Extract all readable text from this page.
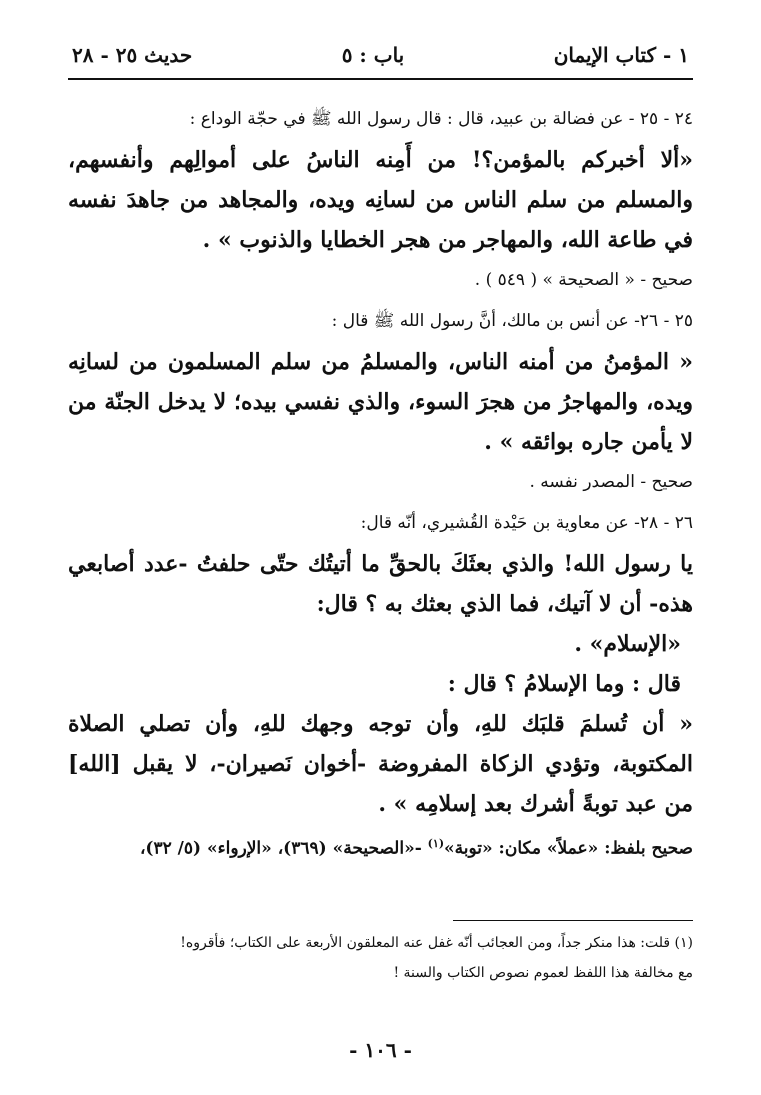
١ - كتاب الإيمان
باب : ٥
حديث ٢٥ - ٢٨

٢٤ - ٢٥ - عن فضالة بن عبيد، قال : قال رسول الله ﷺ في حجّة الوداع :

«ألا أخبركم بالمؤمن؟! من أَمِنه الناسُ على أموالِهم وأنفسهم، والمسلم من سلم الناس من لسانِه ويده، والمجاهد من جاهدَ نفسه في طاعة الله، والمهاجر من هجر الخطايا والذنوب » .

صحيح - « الصحيحة » ( ٥٤٩ ) .

٢٥ - ٢٦- عن أنس بن مالك، أنَّ رسول الله ﷺ قال :

« المؤمنُ من أمنه الناس، والمسلمُ من سلم المسلمون من لسانِه ويده، والمهاجرُ من هجرَ السوء، والذي نفسي بيده؛ لا يدخل الجنّة من لا يأمن جاره بوائقه » .

صحيح - المصدر نفسه .

٢٦ - ٢٨- عن معاوية بن حَيْدة القُشيري، أنّه قال:

يا رسول الله! والذي بعثَكَ بالحقِّ ما أتيتُك حتّى حلفتُ -عدد أصابعي هذه- أن لا آتيك، فما الذي بعثك به ؟ قال:

«الإسلام» .

قال : وما الإسلامُ ؟ قال :

« أن تُسلمَ قلبَك للهِ، وأن توجه وجهك للهِ، وأن تصلي الصلاة المكتوبة، وتؤدي الزكاة المفروضة -أخوان نَصيران-، لا يقبل [الله] من عبد توبةً أشرك بعد إسلامِه » .

صحيح بلفظ: «عملاً» مكان: «توبة»$^{(١)}$ -«الصحيحة» (٣٦٩)، «الإرواء» (٥/ ٣٢)،

(١) قلت: هذا منكر جداً، ومن العجائب أنّه غفل عنه المعلقون الأربعة على الكتاب؛ فأقروه!
مع مخالفة هذا اللفظ لعموم نصوص الكتاب والسنة !
- ١٠٦ -
